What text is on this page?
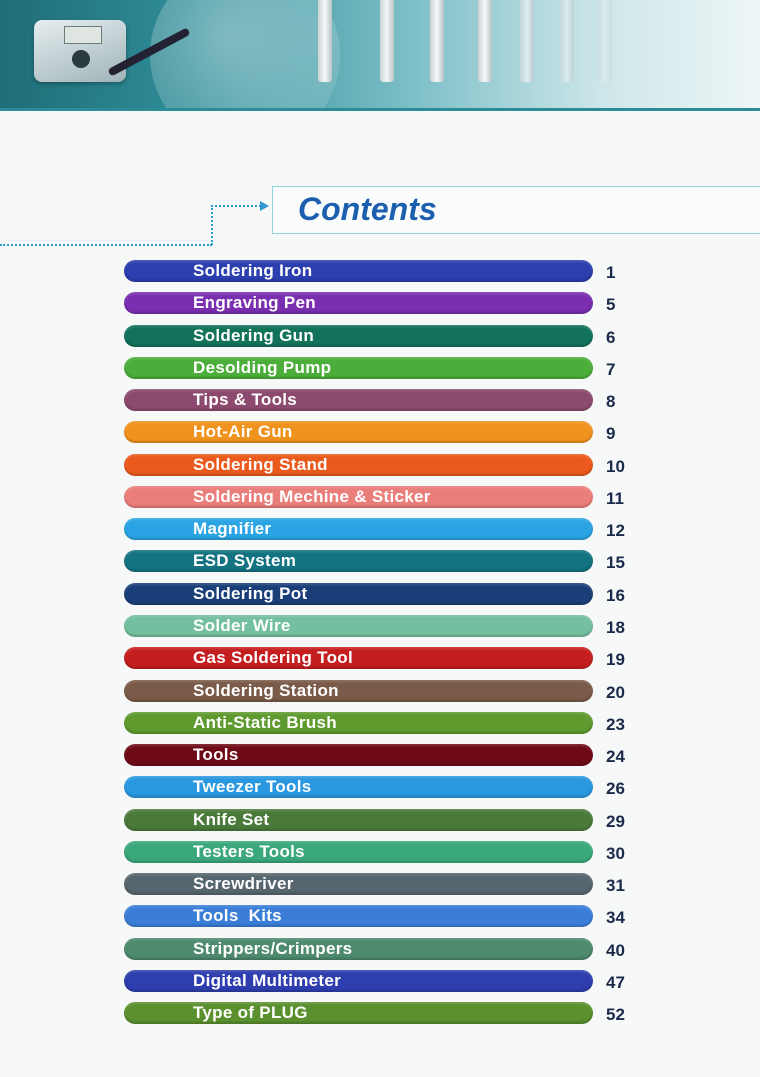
Contents
Soldering Iron	1
Engraving Pen	5
Soldering Gun	6
Desolding Pump	7
Tips & Tools	8
Hot-Air Gun	9
Soldering Stand	10
Soldering Mechine & Sticker	11
Magnifier	12
ESD System	15
Soldering Pot	16
Solder Wire	18
Gas Soldering Tool	19
Soldering Station	20
Anti-Static Brush	23
Tools	24
Tweezer Tools	26
Knife Set	29
Testers Tools	30
Screwdriver	31
Tools  Kits	34
Strippers/Crimpers	40
Digital Multimeter	47
Type of PLUG	52
